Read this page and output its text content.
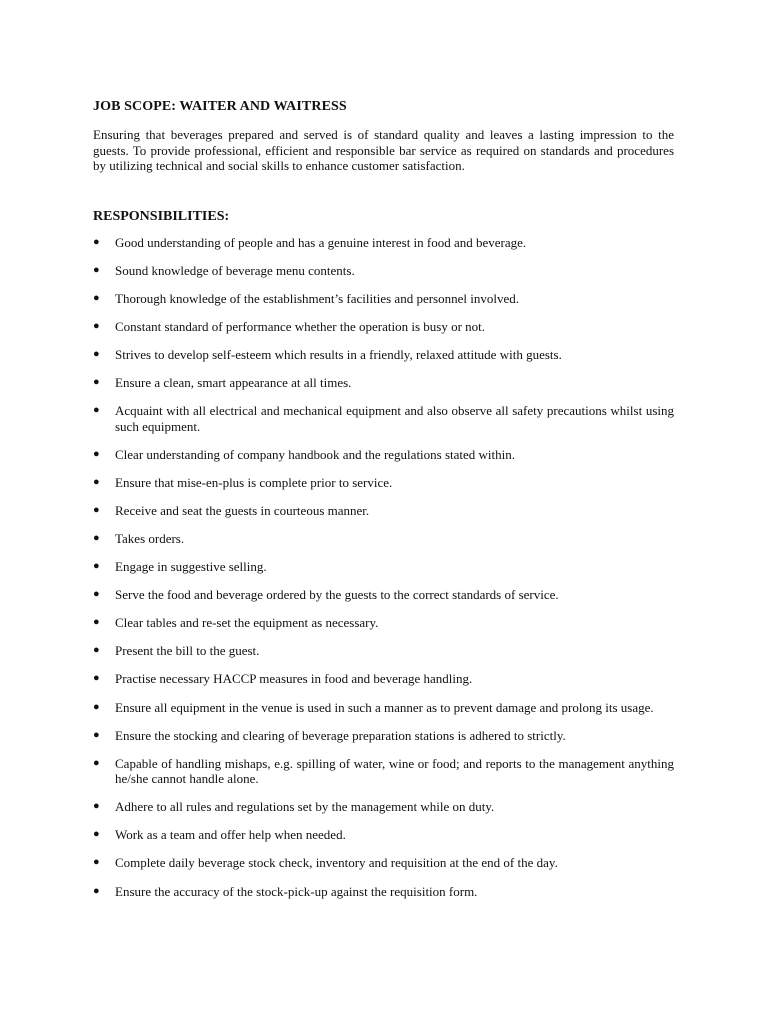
JOB SCOPE: WAITER AND WAITRESS

Ensuring that beverages prepared and served is of standard quality and leaves a lasting impression to the guests. To provide professional, efficient and responsible bar service as required on standards and procedures by utilizing technical and social skills to enhance customer satisfaction.

RESPONSIBILITIES:
● Good understanding of people and has a genuine interest in food and beverage.
● Sound knowledge of beverage menu contents.
● Thorough knowledge of the establishment’s facilities and personnel involved.
● Constant standard of performance whether the operation is busy or not.
● Strives to develop self-esteem which results in a friendly, relaxed attitude with guests.
● Ensure a clean, smart appearance at all times.
● Acquaint with all electrical and mechanical equipment and also observe all safety precautions whilst using such equipment.
● Clear understanding of company handbook and the regulations stated within.
● Ensure that mise-en-plus is complete prior to service.
● Receive and seat the guests in courteous manner.
● Takes orders.
● Engage in suggestive selling.
● Serve the food and beverage ordered by the guests to the correct standards of service.
● Clear tables and re-set the equipment as necessary.
● Present the bill to the guest.
● Practise necessary HACCP measures in food and beverage handling.
● Ensure all equipment in the venue is used in such a manner as to prevent damage and prolong its usage.
● Ensure the stocking and clearing of beverage preparation stations is adhered to strictly.
● Capable of handling mishaps, e.g. spilling of water, wine or food; and reports to the management anything he/she cannot handle alone.
● Adhere to all rules and regulations set by the management while on duty.
● Work as a team and offer help when needed.
● Complete daily beverage stock check, inventory and requisition at the end of the day.
● Ensure the accuracy of the stock-pick-up against the requisition form.
